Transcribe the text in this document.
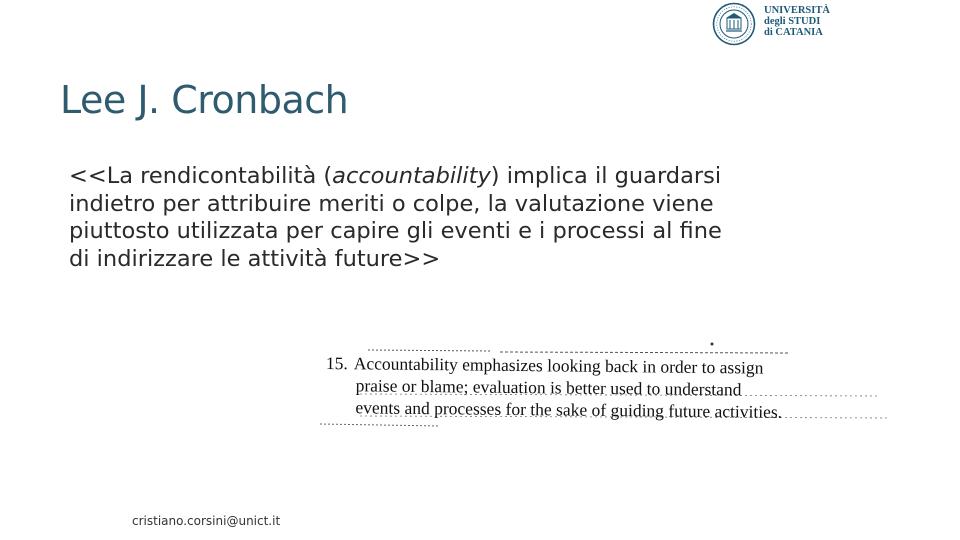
UNIVERSITÀ
degli STUDI
di CATANIA
Lee J. Cronbach

<<La rendicontabilità (accountability) implica il guardarsi
indietro per attribuire meriti o colpe, la valutazione viene
piuttosto utilizzata per capire gli eventi e i processi al fine
di indirizzare le attività future>>

15. Accountability emphasizes looking back in order to assign
praise or blame; evaluation is better used to understand
events and processes for the sake of guiding future activities.
cristiano.corsini@unict.it
